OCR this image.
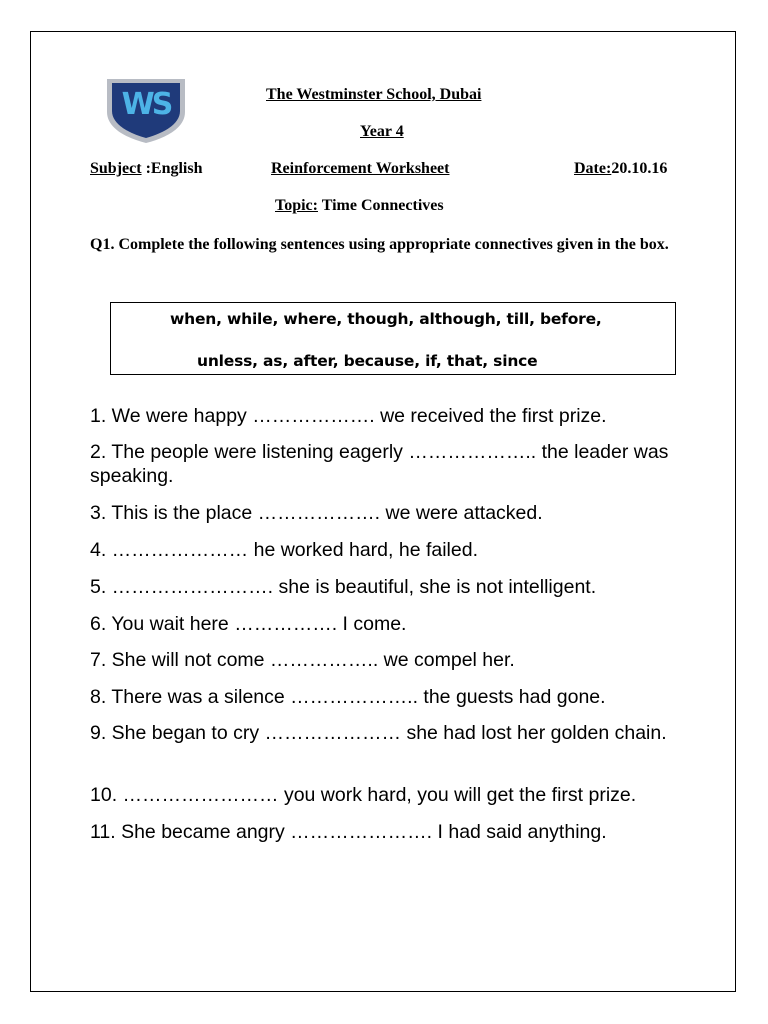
WS	The Westminster School, Dubai
Year 4
Subject :English	Reinforcement Worksheet	Date:20.10.16
Topic: Time Connectives
Q1. Complete the following sentences using appropriate connectives given in the box.
when, while, where, though, although, till, before,
unless, as, after, because, if, that, since
1. We were happy ………………. we received the first prize.
2. The people were listening eagerly ……………….. the leader was speaking.
3. This is the place ………………. we were attacked.
4. ………………… he worked hard, he failed.
5. ……………………. she is beautiful, she is not intelligent.
6. You wait here ……………. I come.
7. She will not come …………….. we compel her.
8. There was a silence ……………….. the guests had gone.
9. She began to cry ………………… she had lost her golden chain.
10. …………………… you work hard, you will get the first prize.
11. She became angry …………………. I had said anything.
